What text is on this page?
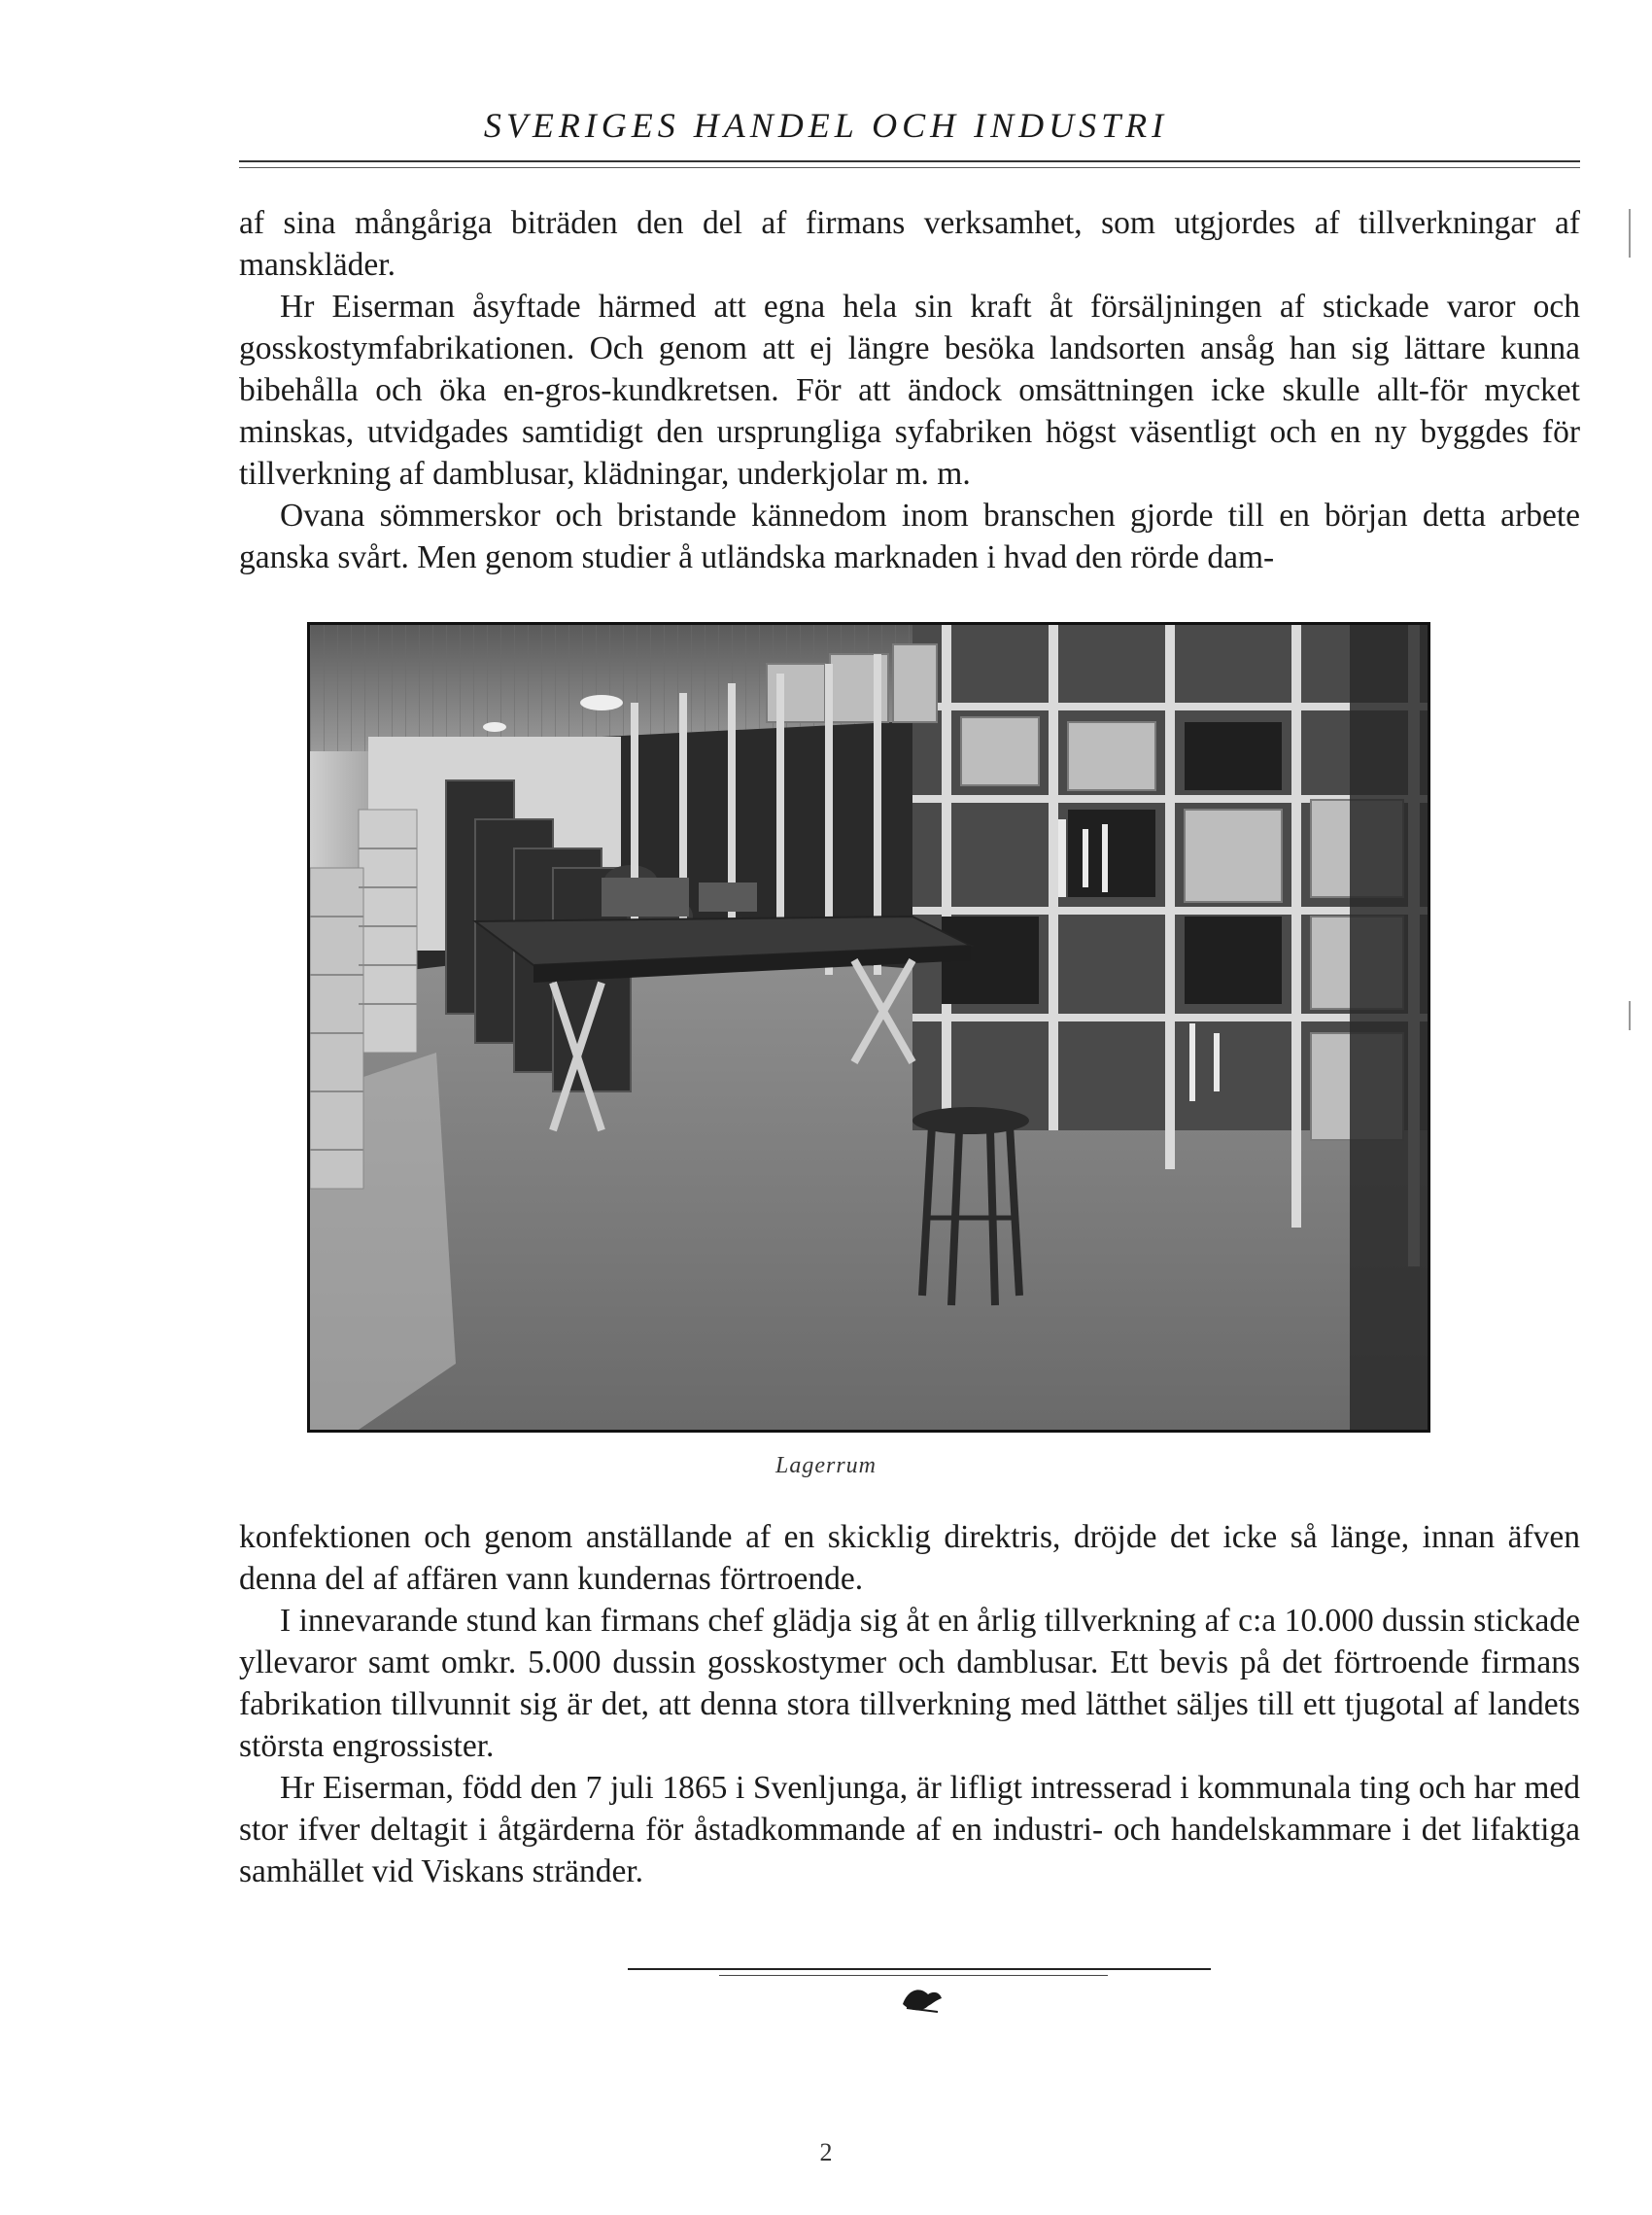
SVERIGES HANDEL OCH INDUSTRI

af sina mångåriga biträden den del af firmans verksamhet, som utgjordes af tillverkningar af manskläder.

Hr Eiserman åsyftade härmed att egna hela sin kraft åt försäljningen af stickade varor och gosskostymfabrikationen. Och genom att ej längre besöka landsorten ansåg han sig lättare kunna bibehålla och öka en-gros-kundkretsen. För att ändock omsättningen icke skulle allt-för mycket minskas, utvidgades samtidigt den ursprungliga syfabriken högst väsentligt och en ny byggdes för tillverkning af damblusar, klädningar, underkjolar m. m.

Ovana sömmerskor och bristande kännedom inom branschen gjorde till en början detta arbete ganska svårt. Men genom studier å utländska marknaden i hvad den rörde dam-

Lagerrum

konfektionen och genom anställande af en skicklig direktris, dröjde det icke så länge, innan äfven denna del af affären vann kundernas förtroende.

I innevarande stund kan firmans chef glädja sig åt en årlig tillverkning af c:a 10.000 dussin stickade yllevaror samt omkr. 5.000 dussin gosskostymer och damblusar. Ett bevis på det förtroende firmans fabrikation tillvunnit sig är det, att denna stora tillverkning med lätthet säljes till ett tjugotal af landets största engrossister.

Hr Eiserman, född den 7 juli 1865 i Svenljunga, är lifligt intresserad i kommunala ting och har med stor ifver deltagit i åtgärderna för åstadkommande af en industri- och handelskammare i det lifaktiga samhället vid Viskans stränder.

2
